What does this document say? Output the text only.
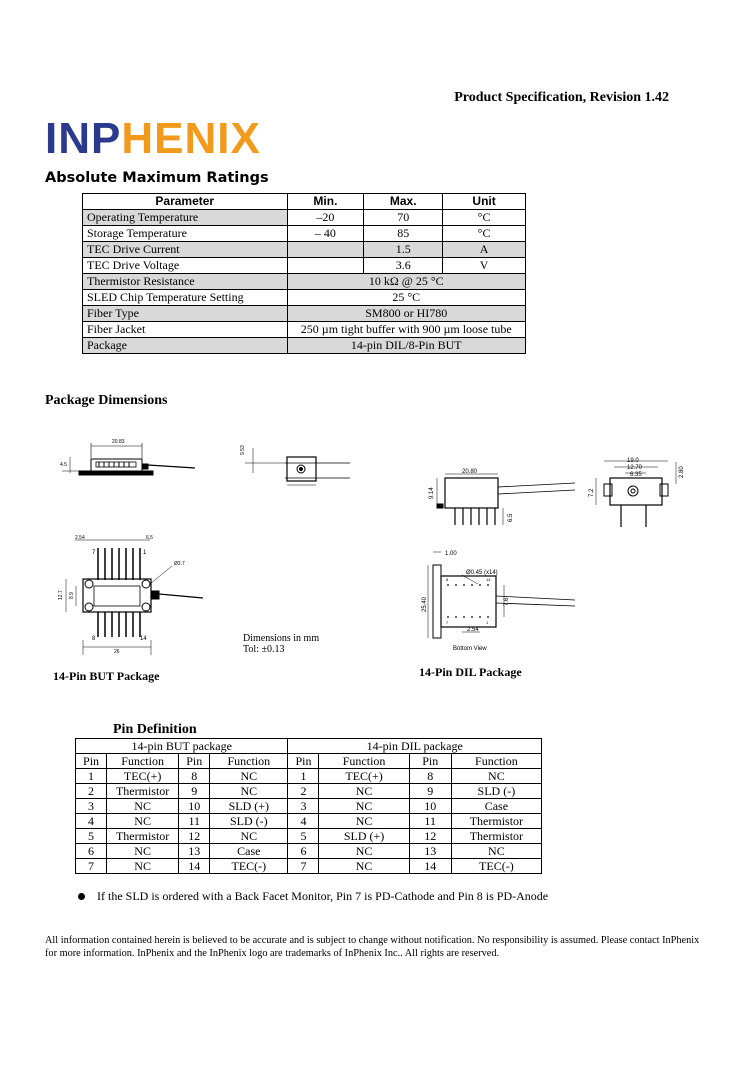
Product Specification, Revision 1.42
INPHENIX
Absolute Maximum Ratings
Parameter	Min.	Max.	Unit
Operating Temperature	–20	70	°C
Storage Temperature	– 40	85	°C
TEC Drive Current		1.5	A
TEC Drive Voltage		3.6	V
Thermistor Resistance	10 kΩ @ 25 °C		
SLED Chip Temperature Setting	25 °C		
Fiber Type	SM800 or HI780		
Fiber Jacket	250 µm tight buffer with 900 µm loose tube		
Package	14-pin DIL/8-Pin BUT		
Package Dimensions
20.83
4.5
9.53
2.54	6.5
Ø2.7
12.7 8.9
26
7	1
8	14
20.80
9.14
6.5
19.0
12.70
6.35
7.2
2.80
1.00
Ø0.45 (x14)
25.40	7.6
2.54
Bottom View
8	14
7	1
Dimensions in mm
Tol: ±0.13
14-Pin BUT Package	14-Pin DIL Package
Pin Definition
14-pin BUT package				14-pin DIL package			
Pin	Function	Pin	Function	Pin	Function	Pin	Function
1	TEC(+)	8	NC	1	TEC(+)	8	NC
2	Thermistor	9	NC	2	NC	9	SLD (-)
3	NC	10	SLD (+)	3	NC	10	Case
4	NC	11	SLD (-)	4	NC	11	Thermistor
5	Thermistor	12	NC	5	SLD (+)	12	Thermistor
6	NC	13	Case	6	NC	13	NC
7	NC	14	TEC(-)	7	NC	14	TEC(-)
If the SLD is ordered with a Back Facet Monitor, Pin 7 is PD-Cathode and Pin 8 is PD-Anode
All information contained herein is believed to be accurate and is subject to change without notification. No responsibility is assumed. Please contact InPhenix for more information. InPhenix and the InPhenix logo are trademarks of InPhenix Inc.. All rights are reserved.
